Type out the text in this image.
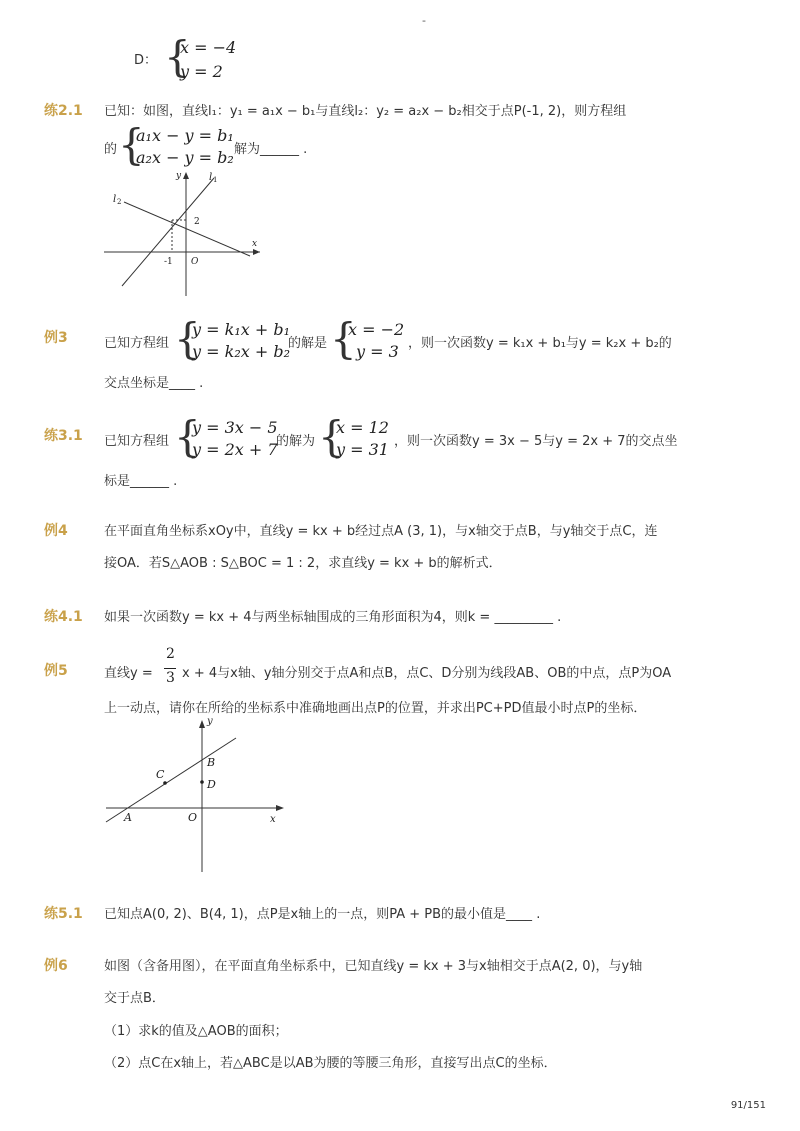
-
D： {
x = −4
y = 2
练2.1 已知：如图，直线l₁：y₁ = a₁x − b₁与直线l₂：y₂ = a₂x − b₂相交于点P(-1, 2)，则方程组
的 {
a₁x − y = b₁
a₂x − y = b₂ 解为______ .
l 1
l 2
y
x
2
-1 O
例3	已知方程组 {
y = k₁x + b₁
y = k₂x + b₂
的解是 {
x = −2
y = 3 ，则一次函数y = k₁x + b₁与y = k₂x + b₂的
交点坐标是____ .
练3.1 已知方程组 {
y = 3x − 5
y = 2x + 7
的解为 {
x = 12
y = 31 ，则一次函数y = 3x − 5与y = 2x + 7的交点坐
标是______ .
例4	在平面直角坐标系xOy中，直线y = kx + b经过点A (3, 1)，与x轴交于点B，与y轴交于点C，连
接OA．若S△AOB : S△BOC = 1 : 2，求直线y = kx + b的解析式．
练4.1 如果一次函数y = kx + 4与两坐标轴围成的三角形面积为4，则k = _________ .
例5	直线y =
2
3 x + 4与x轴、y轴分别交于点A和点B，点C、D分别为线段AB、OB的中点，点P为OA
上一动点，请你在所给的坐标系中准确地画出点P的位置，并求出PC+PD值最小时点P的坐标．
y
x
A
B
C
D
O
练5.1 已知点A(0, 2)、B(4, 1)，点P是x轴上的一点，则PA + PB的最小值是____ .
例6	如图（含备用图），在平面直角坐标系中，已知直线y = kx + 3与x轴相交于点A(2, 0)，与y轴
交于点B．
（1）求k的值及△AOB的面积；
（2）点C在x轴上，若△ABC是以AB为腰的等腰三角形，直接写出点C的坐标．
91/151
